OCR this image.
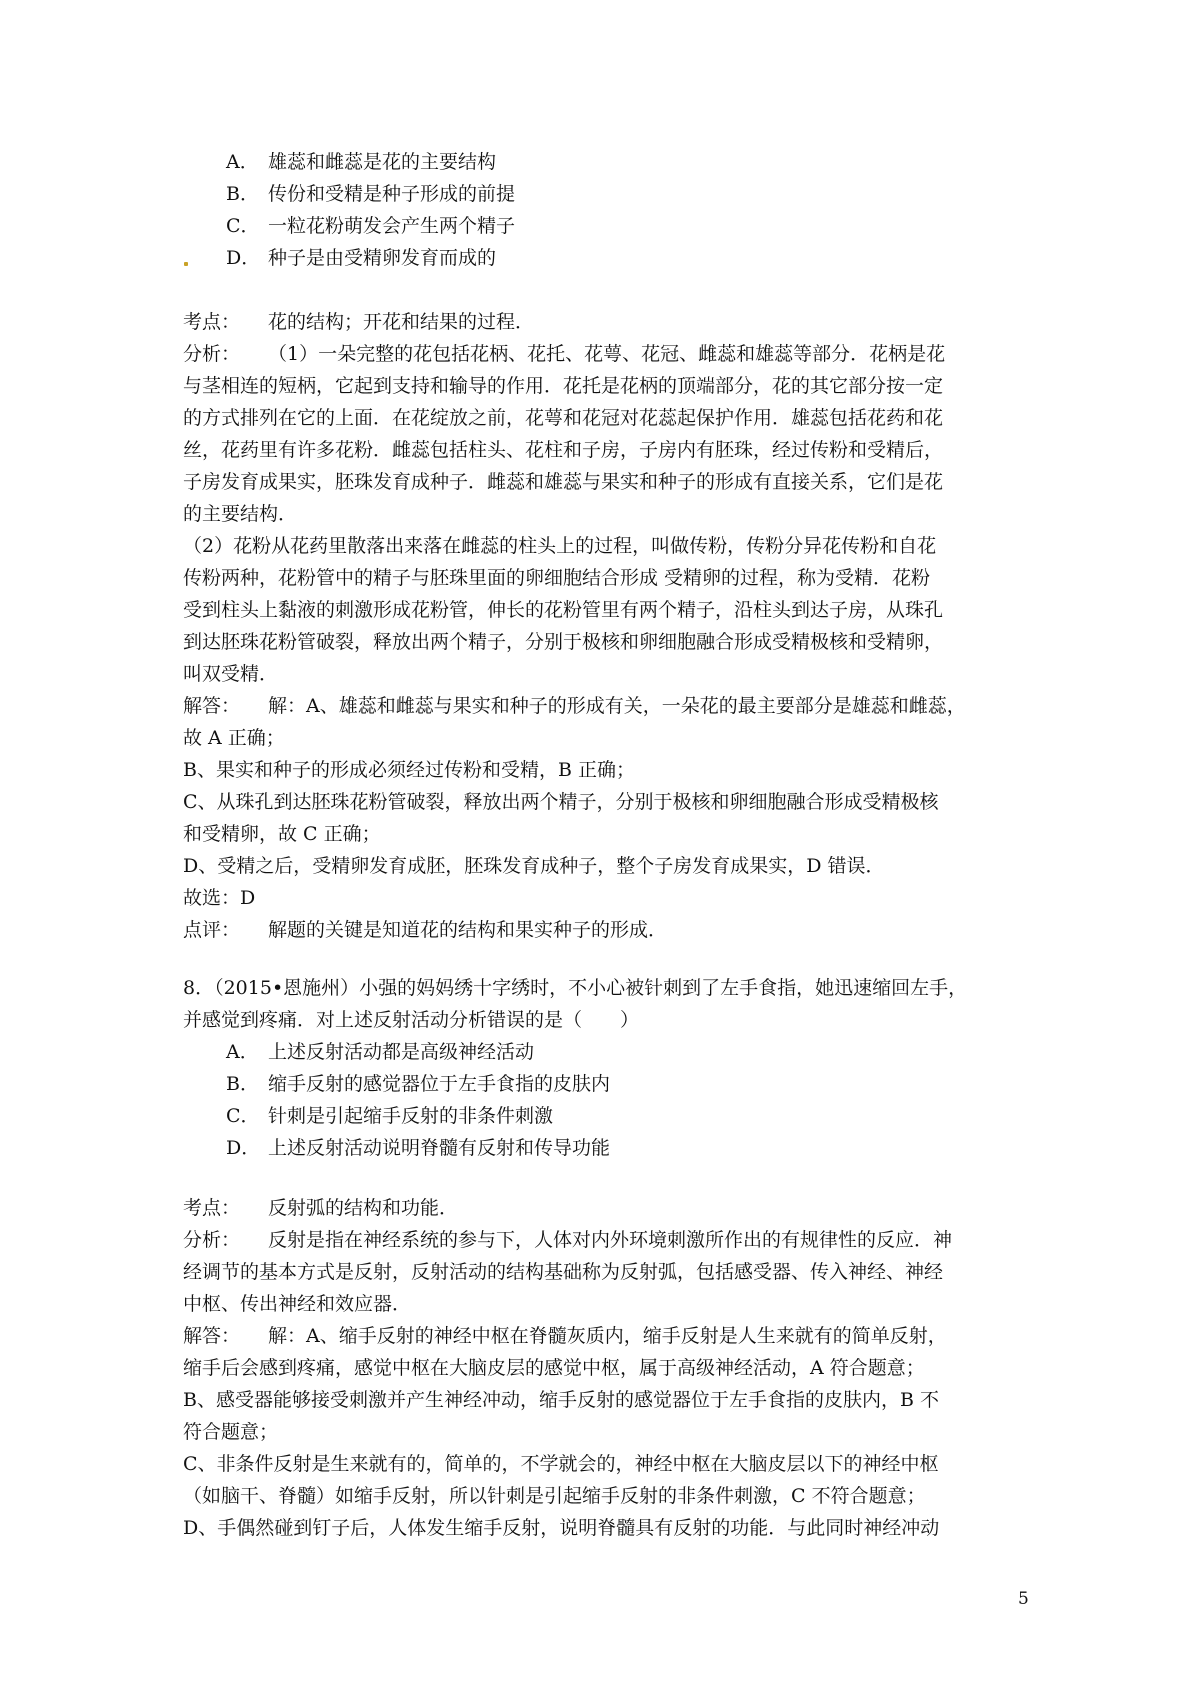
A． 雄蕊和雌蕊是花的主要结构
B． 传份和受精是种子形成的前提
C． 一粒花粉萌发会产生两个精子
D． 种子是由受精卵发育而成的
考点： 花的结构；开花和结果的过程．
分析： （1）一朵完整的花包括花柄、花托、花萼、花冠、雌蕊和雄蕊等部分．花柄是花
与茎相连的短柄，它起到支持和输导的作用．花托是花柄的顶端部分，花的其它部分按一定
的方式排列在它的上面．在花绽放之前，花萼和花冠对花蕊起保护作用．雄蕊包括花药和花
丝，花药里有许多花粉．雌蕊包括柱头、花柱和子房，子房内有胚珠，经过传粉和受精后，
子房发育成果实，胚珠发育成种子．雌蕊和雄蕊与果实和种子的形成有直接关系，它们是花
的主要结构．
（2）花粉从花药里散落出来落在雌蕊的柱头上的过程，叫做传粉，传粉分异花传粉和自花
传粉两种，花粉管中的精子与胚珠里面的卵细胞结合形成 受精卵的过程，称为受精．花粉
受到柱头上黏液的刺激形成花粉管，伸长的花粉管里有两个精子，沿柱头到达子房，从珠孔
到达胚珠花粉管破裂，释放出两个精子，分别于极核和卵细胞融合形成受精极核和受精卵，
叫双受精．
解答： 解：A、雄蕊和雌蕊与果实和种子的形成有关，一朵花的最主要部分是雄蕊和雌蕊，
故 A 正确；
B、果实和种子的形成必须经过传粉和受精，B 正确；
C、从珠孔到达胚珠花粉管破裂，释放出两个精子，分别于极核和卵细胞融合形成受精极核
和受精卵，故 C 正确；
D、受精之后，受精卵发育成胚，胚珠发育成种子，整个子房发育成果实，D 错误．
故选：D
点评： 解题的关键是知道花的结构和果实种子的形成．
8．（2015•恩施州）小强的妈妈绣十字绣时，不小心被针刺到了左手食指，她迅速缩回左手，
并感觉到疼痛．对上述反射活动分析错误的是（　　）
A． 上述反射活动都是高级神经活动
B． 缩手反射的感觉器位于左手食指的皮肤内
C． 针刺是引起缩手反射的非条件刺激
D． 上述反射活动说明脊髓有反射和传导功能
考点： 反射弧的结构和功能．
分析： 反射是指在神经系统的参与下，人体对内外环境刺激所作出的有规律性的反应．神
经调节的基本方式是反射，反射活动的结构基础称为反射弧，包括感受器、传入神经、神经
中枢、传出神经和效应器．
解答： 解：A、缩手反射的神经中枢在脊髓灰质内，缩手反射是人生来就有的简单反射，
缩手后会感到疼痛，感觉中枢在大脑皮层的感觉中枢，属于高级神经活动，A 符合题意；
B、感受器能够接受刺激并产生神经冲动，缩手反射的感觉器位于左手食指的皮肤内，B 不
符合题意；
C、非条件反射是生来就有的，简单的，不学就会的，神经中枢在大脑皮层以下的神经中枢
（如脑干、脊髓）如缩手反射，所以针刺是引起缩手反射的非条件刺激，C 不符合题意；
D、手偶然碰到钉子后，人体发生缩手反射，说明脊髓具有反射的功能．与此同时神经冲动
5
